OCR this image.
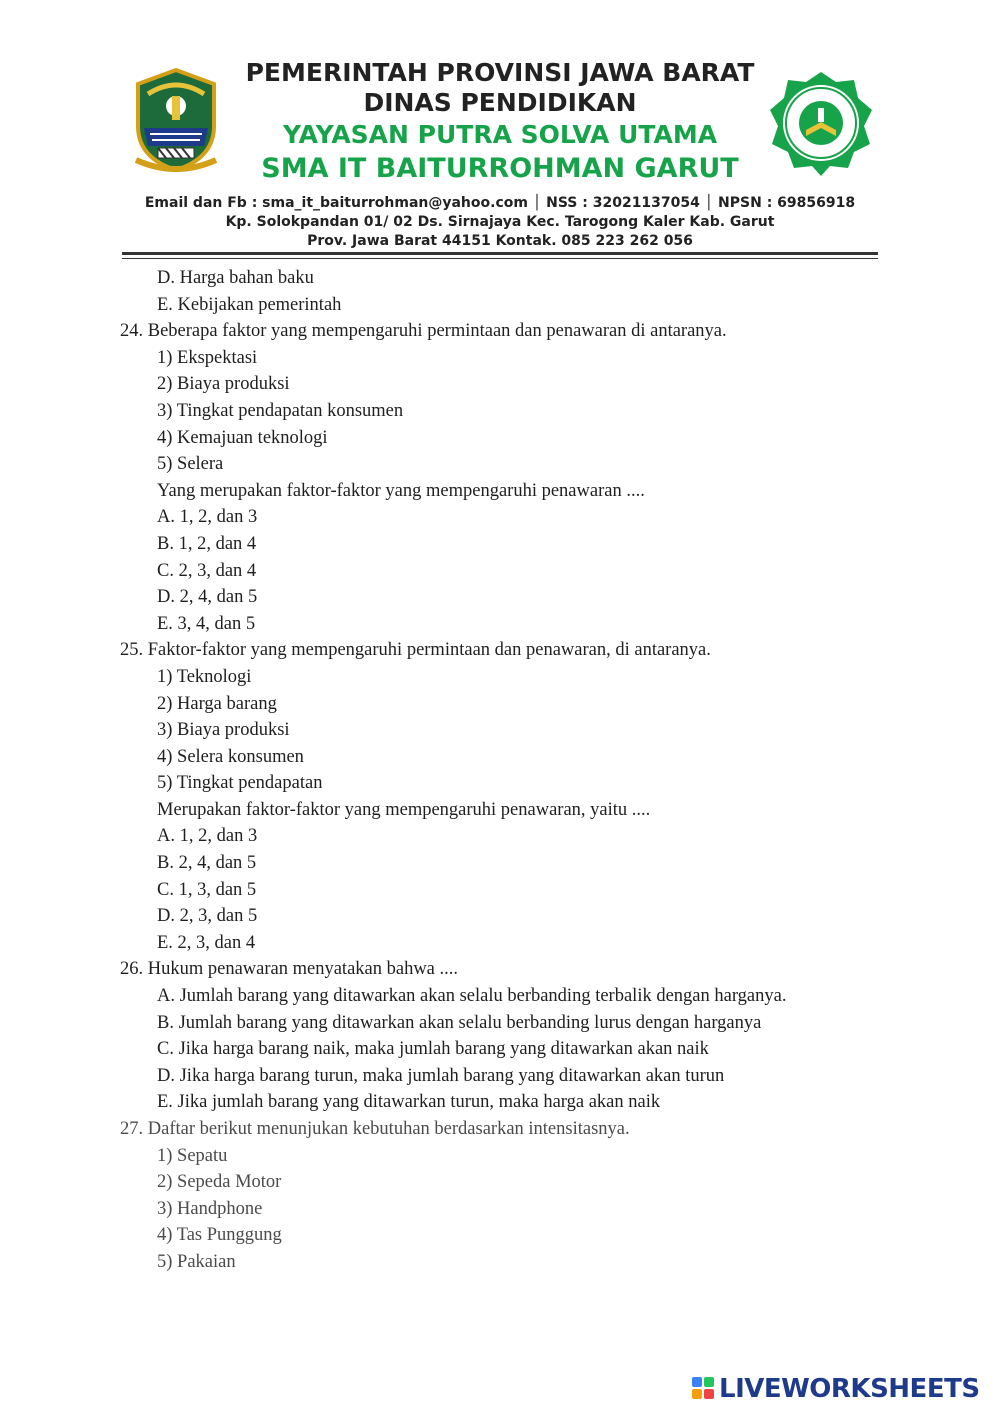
PEMERINTAH PROVINSI JAWA BARAT
DINAS PENDIDIKAN
YAYASAN PUTRA SOLVA UTAMA
SMA IT BAITURROHMAN GARUT
Email dan Fb : sma_it_baiturrohman@yahoo.com │ NSS : 32021137054 │ NPSN : 69856918
Kp. Solokpandan 01/ 02 Ds. Sirnajaya Kec. Tarogong Kaler Kab. Garut
Prov. Jawa Barat 44151 Kontak. 085 223 262 056
D. Harga bahan baku
E. Kebijakan pemerintah
24. Beberapa faktor yang mempengaruhi permintaan dan penawaran di antaranya.
1) Ekspektasi
2) Biaya produksi
3) Tingkat pendapatan konsumen
4) Kemajuan teknologi
5) Selera
Yang merupakan faktor-faktor yang mempengaruhi penawaran ....
A. 1, 2, dan 3
B. 1, 2, dan 4
C. 2, 3, dan 4
D. 2, 4, dan 5
E. 3, 4, dan 5
25. Faktor-faktor yang mempengaruhi permintaan dan penawaran, di antaranya.
1) Teknologi
2) Harga barang
3) Biaya produksi
4) Selera konsumen
5) Tingkat pendapatan
Merupakan faktor-faktor yang mempengaruhi penawaran, yaitu ....
A. 1, 2, dan 3
B. 2, 4, dan 5
C. 1, 3, dan 5
D. 2, 3, dan 5
E. 2, 3, dan 4
26. Hukum penawaran menyatakan bahwa ....
A. Jumlah barang yang ditawarkan akan selalu berbanding terbalik dengan harganya.
B. Jumlah barang yang ditawarkan akan selalu berbanding lurus dengan harganya
C. Jika harga barang naik, maka jumlah barang yang ditawarkan akan naik
D. Jika harga barang turun, maka jumlah barang yang ditawarkan akan turun
E. Jika jumlah barang yang ditawarkan turun, maka harga akan naik
27. Daftar berikut menunjukan kebutuhan berdasarkan intensitasnya.
1) Sepatu
2) Sepeda Motor
3) Handphone
4) Tas Punggung
5) Pakaian
LIVEWORKSHEETS
